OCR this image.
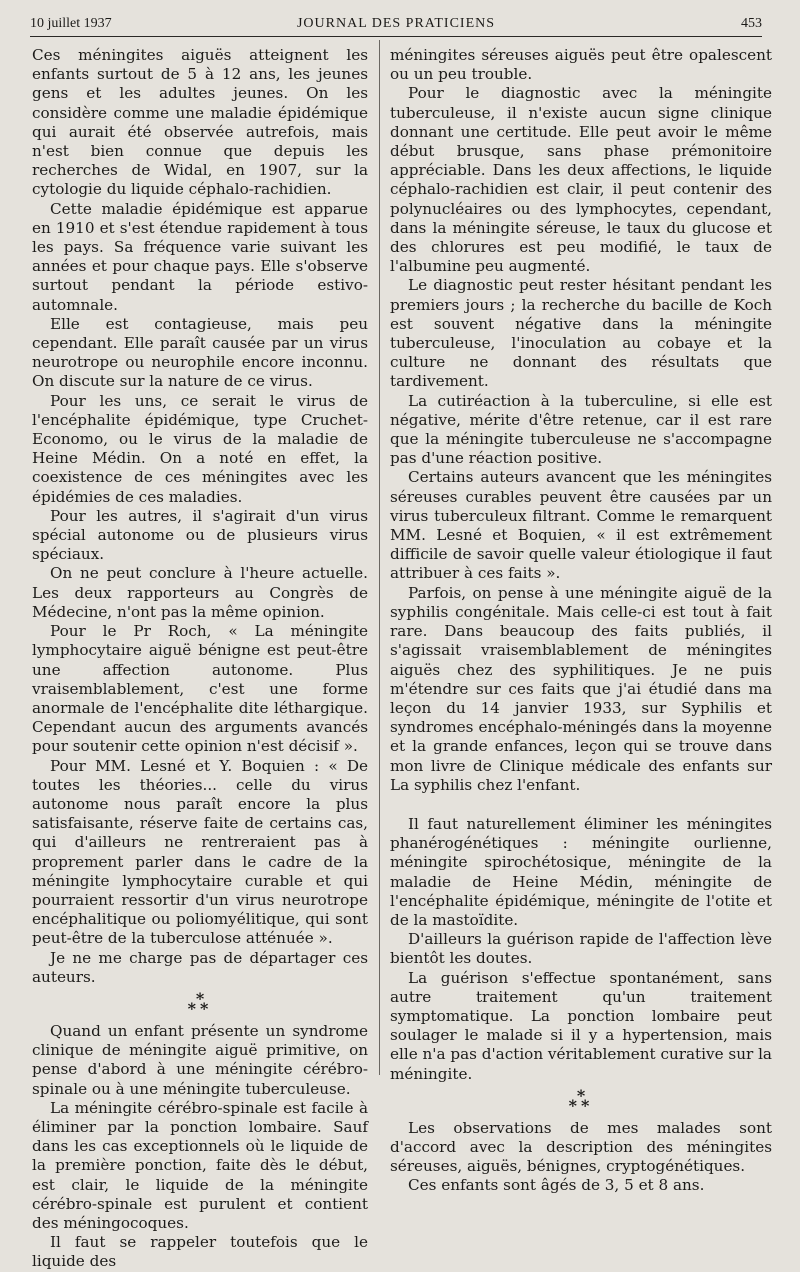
10 juillet 1937	JOURNAL DES PRATICIENS	453

Ces méningites aiguës atteignent les enfants surtout de 5 à 12 ans, les jeunes gens et les adultes jeunes. On les considère comme une maladie épidémique qui aurait été observée autrefois, mais n'est bien connue que depuis les recherches de Widal, en 1907, sur la cytologie du liquide céphalo-rachidien.

Cette maladie épidémique est apparue en 1910 et s'est étendue rapidement à tous les pays. Sa fréquence varie suivant les années et pour chaque pays. Elle s'observe surtout pendant la période estivo-automnale.

Elle est contagieuse, mais peu cependant. Elle paraît causée par un virus neurotrope ou neurophile encore inconnu. On discute sur la nature de ce virus.

Pour les uns, ce serait le virus de l'encéphalite épidémique, type Cruchet-Economo, ou le virus de la maladie de Heine Médin. On a noté en effet, la coexistence de ces méningites avec les épidémies de ces maladies.

Pour les autres, il s'agirait d'un virus spécial autonome ou de plusieurs virus spéciaux.

On ne peut conclure à l'heure actuelle. Les deux rapporteurs au Congrès de Médecine, n'ont pas la même opinion.

Pour le Pr Roch, « La méningite lymphocytaire aiguë bénigne est peut-être une affection autonome. Plus vraisemblablement, c'est une forme anormale de l'encéphalite dite léthargique. Cependant aucun des arguments avancés pour soutenir cette opinion n'est décisif ».

Pour MM. Lesné et Y. Boquien : « De toutes les théories... celle du virus autonome nous paraît encore la plus satisfaisante, réserve faite de certains cas, qui d'ailleurs ne rentreraient pas à proprement parler dans le cadre de la méningite lymphocytaire curable et qui pourraient ressortir d'un virus neurotrope encéphalitique ou poliomyélitique, qui sont peut-être de la tuberculose atténuée ».

Je ne me charge pas de départager ces auteurs.

*
**

Quand un enfant présente un syndrome clinique de méningite aiguë primitive, on pense d'abord à une méningite cérébro-spinale ou à une méningite tuberculeuse.

La méningite cérébro-spinale est facile à éliminer par la ponction lombaire. Sauf dans les cas exceptionnels où le liquide de la première ponction, faite dès le début, est clair, le liquide de la méningite cérébro-spinale est purulent et contient des méningocoques.

Il faut se rappeler toutefois que le liquide des

méningites séreuses aiguës peut être opalescent ou un peu trouble.

Pour le diagnostic avec la méningite tuberculeuse, il n'existe aucun signe clinique donnant une certitude. Elle peut avoir le même début brusque, sans phase prémonitoire appréciable. Dans les deux affections, le liquide céphalo-rachidien est clair, il peut contenir des polynucléaires ou des lymphocytes, cependant, dans la méningite séreuse, le taux du glucose et des chlorures est peu modifié, le taux de l'albumine peu augmenté.

Le diagnostic peut rester hésitant pendant les premiers jours ; la recherche du bacille de Koch est souvent négative dans la méningite tuberculeuse, l'inoculation au cobaye et la culture ne donnant des résultats que tardivement.

La cutiréaction à la tuberculine, si elle est négative, mérite d'être retenue, car il est rare que la méningite tuberculeuse ne s'accompagne pas d'une réaction positive.

Certains auteurs avancent que les méningites séreuses curables peuvent être causées par un virus tuberculeux filtrant. Comme le remarquent MM. Lesné et Boquien, « il est extrêmement difficile de savoir quelle valeur étiologique il faut attribuer à ces faits ».

Parfois, on pense à une méningite aiguë de la syphilis congénitale. Mais celle-ci est tout à fait rare. Dans beaucoup des faits publiés, il s'agissait vraisemblablement de méningites aiguës chez des syphilitiques. Je ne puis m'étendre sur ces faits que j'ai étudié dans ma leçon du 14 janvier 1933, sur Syphilis et syndromes encéphalo-méningés dans la moyenne et la grande enfances, leçon qui se trouve dans mon livre de Clinique médicale des enfants sur La syphilis chez l'enfant.

Il faut naturellement éliminer les méningites phanérogénétiques : méningite ourlienne, méningite spirochétosique, méningite de la maladie de Heine Médin, méningite de l'encéphalite épidémique, méningite de l'otite et de la mastoïdite.

D'ailleurs la guérison rapide de l'affection lève bientôt les doutes.

La guérison s'effectue spontanément, sans autre traitement qu'un traitement symptomatique. La ponction lombaire peut soulager le malade si il y a hypertension, mais elle n'a pas d'action véritablement curative sur la méningite.

*
**

Les observations de mes malades sont d'accord avec la description des méningites séreuses, aiguës, bénignes, cryptogénétiques.

Ces enfants sont âgés de 3, 5 et 8 ans.
